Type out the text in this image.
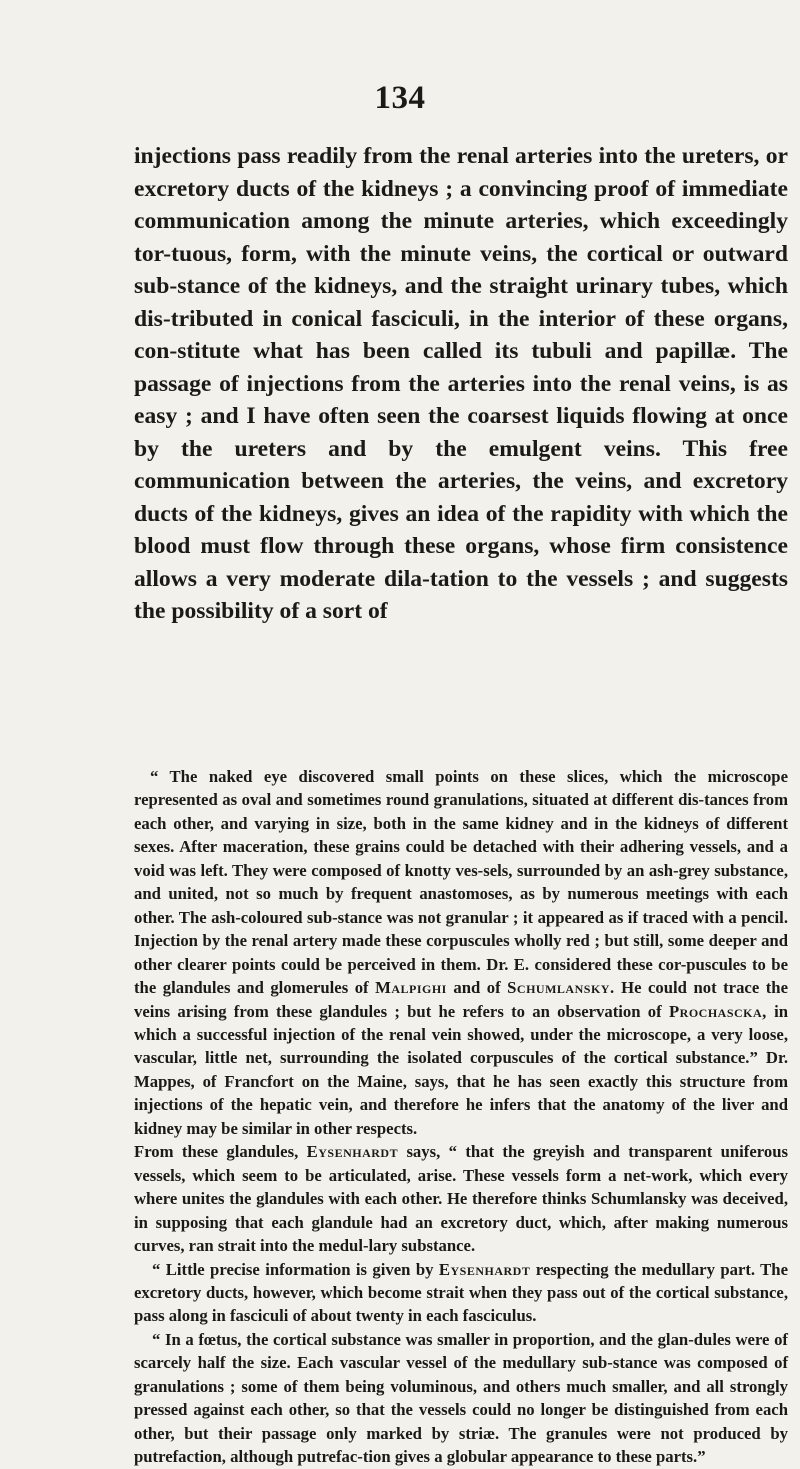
134
injections pass readily from the renal arteries into the ureters, or excretory ducts of the kidneys ; a convincing proof of immediate communication among the minute arteries, which exceedingly tor-tuous, form, with the minute veins, the cortical or outward sub-stance of the kidneys, and the straight urinary tubes, which dis-tributed in conical fasciculi, in the interior of these organs, con-stitute what has been called its tubuli and papillæ. The passage of injections from the arteries into the renal veins, is as easy ; and I have often seen the coarsest liquids flowing at once by the ureters and by the emulgent veins. This free communication between the arteries, the veins, and excretory ducts of the kidneys, gives an idea of the rapidity with which the blood must flow through these organs, whose firm consistence allows a very moderate dila-tation to the vessels ; and suggests the possibility of a sort of

“ The naked eye discovered small points on these slices, which the microscope represented as oval and sometimes round granulations, situated at different dis-tances from each other, and varying in size, both in the same kidney and in the kidneys of different sexes. After maceration, these grains could be detached with their adhering vessels, and a void was left. They were composed of knotty ves-sels, surrounded by an ash-grey substance, and united, not so much by frequent anastomoses, as by numerous meetings with each other. The ash-coloured sub-stance was not granular ; it appeared as if traced with a pencil. Injection by the renal artery made these corpuscules wholly red ; but still, some deeper and other clearer points could be perceived in them. Dr. E. considered these cor-puscules to be the glandules and glomerules of Malpighi and of Schumlansky. He could not trace the veins arising from these glandules ; but he refers to an observation of Prochascka, in which a successful injection of the renal vein showed, under the microscope, a very loose, vascular, little net, surrounding the isolated corpuscules of the cortical substance.” Dr. Mappes, of Francfort on the Maine, says, that he has seen exactly this structure from injections of the hepatic vein, and therefore he infers that the anatomy of the liver and kidney may be similar in other respects.

From these glandules, Eysenhardt says, “ that the greyish and transparent uniferous vessels, which seem to be articulated, arise. These vessels form a net-work, which every where unites the glandules with each other. He therefore thinks Schumlansky was deceived, in supposing that each glandule had an excretory duct, which, after making numerous curves, ran strait into the medul-lary substance.

“ Little precise information is given by Eysenhardt respecting the medullary part. The excretory ducts, however, which become strait when they pass out of the cortical substance, pass along in fasciculi of about twenty in each fasciculus.

“ In a fœtus, the cortical substance was smaller in proportion, and the glan-dules were of scarcely half the size. Each vascular vessel of the medullary sub-stance was composed of granulations ; some of them being voluminous, and others much smaller, and all strongly pressed against each other, so that the vessels could no longer be distinguished from each other, but their passage only marked by striæ. The granules were not produced by putrefaction, although putrefac-tion gives a globular appearance to these parts.”
